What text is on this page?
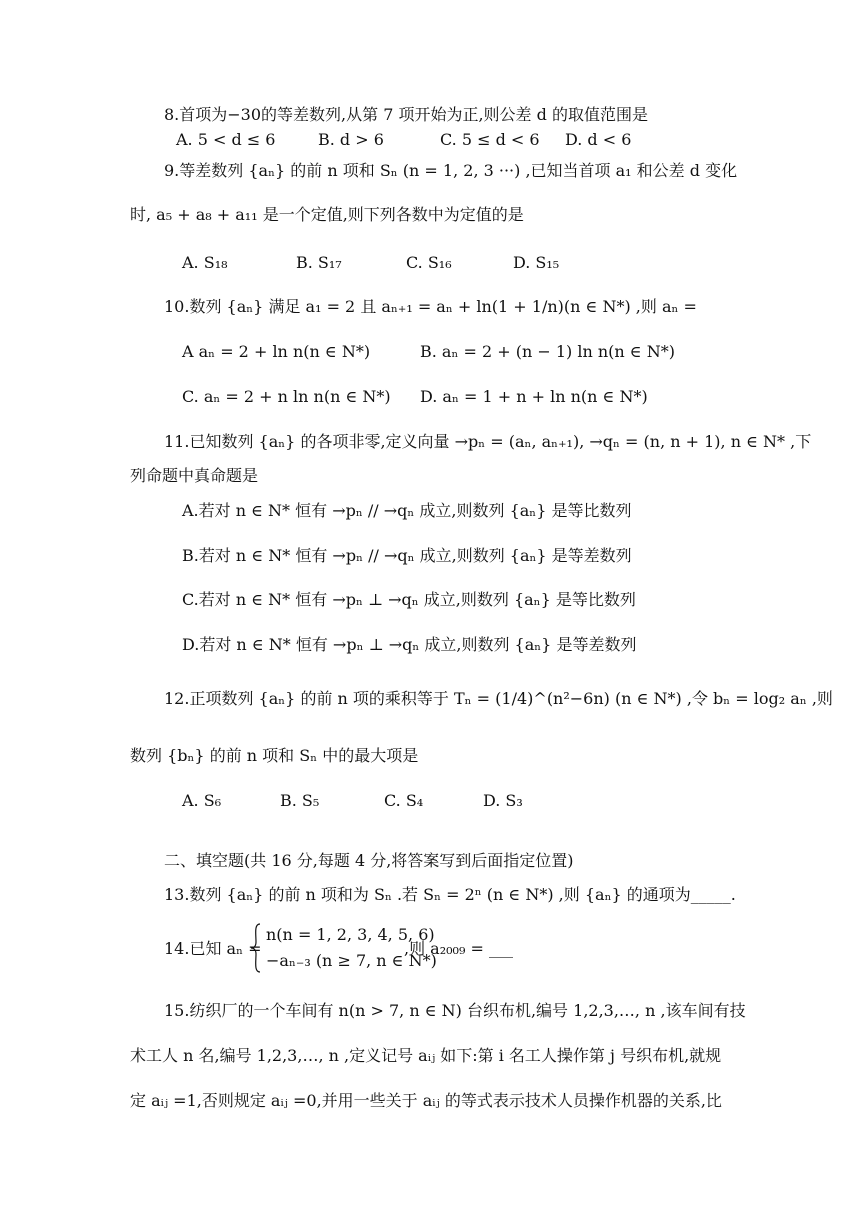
8.首项为−30的等差数列,从第 7 项开始为正,则公差 d 的取值范围是
A. 5 < d ≤ 6	B. d > 6	C. 5 ≤ d < 6 D. d < 6
9.等差数列 {aₙ} 的前 n 项和 Sₙ (n = 1, 2, 3 ···) ,已知当首项 a₁ 和公差 d 变化
时, a₅ + a₈ + a₁₁ 是一个定值,则下列各数中为定值的是
A. S₁₈	B. S₁₇	C. S₁₆	D. S₁₅
10.数列 {aₙ} 满足 a₁ = 2 且 aₙ₊₁ = aₙ + ln(1 + 1/n)(n ∈ N*) ,则 aₙ =
A aₙ = 2 + ln n(n ∈ N*)	B. aₙ = 2 + (n − 1) ln n(n ∈ N*)
C. aₙ = 2 + n ln n(n ∈ N*) D. aₙ = 1 + n + ln n(n ∈ N*)
11.已知数列 {aₙ} 的各项非零,定义向量 →pₙ = (aₙ, aₙ₊₁), →qₙ = (n, n + 1), n ∈ N* ,下
列命题中真命题是
A.若对 n ∈ N* 恒有 →pₙ // →qₙ 成立,则数列 {aₙ} 是等比数列
B.若对 n ∈ N* 恒有 →pₙ // →qₙ 成立,则数列 {aₙ} 是等差数列
C.若对 n ∈ N* 恒有 →pₙ ⊥ →qₙ 成立,则数列 {aₙ} 是等比数列
D.若对 n ∈ N* 恒有 →pₙ ⊥ →qₙ 成立,则数列 {aₙ} 是等差数列
12.正项数列 {aₙ} 的前 n 项的乘积等于 Tₙ = (1/4)^(n²−6n) (n ∈ N*) ,令 bₙ = log₂ aₙ ,则
数列 {bₙ} 的前 n 项和 Sₙ 中的最大项是
A. S₆	B. S₅	C. S₄	D. S₃
二、填空题(共 16 分,每题 4 分,将答案写到后面指定位置)
13.数列 {aₙ} 的前 n 项和为 Sₙ .若 Sₙ = 2ⁿ (n ∈ N*) ,则 {aₙ} 的通项为_____.
14.已知 aₙ =
n(n = 1, 2, 3, 4, 5, 6)
−aₙ₋₃ (n ≥ 7, n ∈ N*)
,则 a₂₀₀₉ = ___
15.纺织厂的一个车间有 n(n > 7, n ∈ N) 台织布机,编号 1,2,3,…, n ,该车间有技
术工人 n 名,编号 1,2,3,…, n ,定义记号 aᵢⱼ 如下:第 i 名工人操作第 j 号织布机,就规
定 aᵢⱼ =1,否则规定 aᵢⱼ =0,并用一些关于 aᵢⱼ 的等式表示技术人员操作机器的关系,比
